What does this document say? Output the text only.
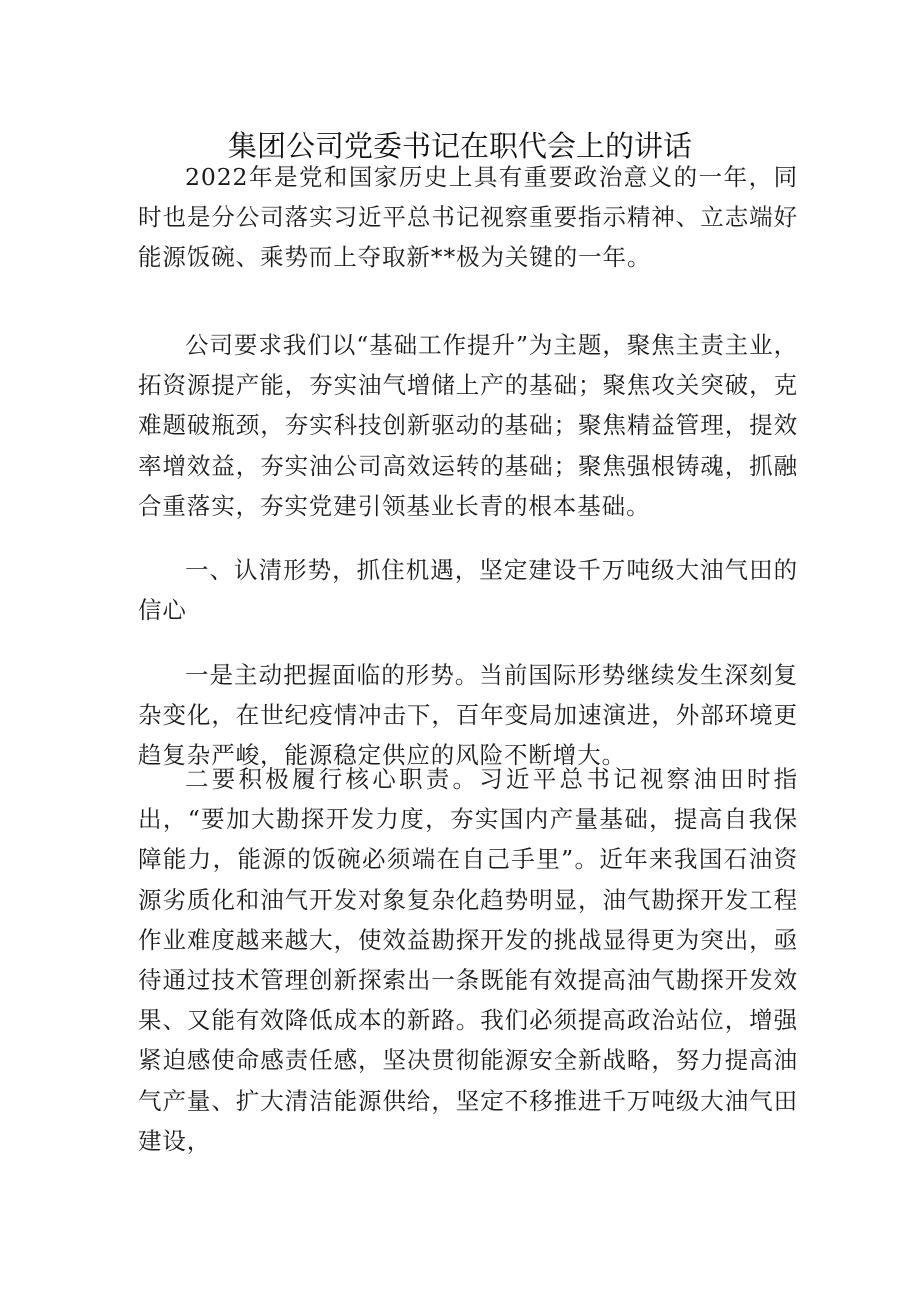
集团公司党委书记在职代会上的讲话

2022年是党和国家历史上具有重要政治意义的一年，同时也是分公司落实习近平总书记视察重要指示精神、立志端好能源饭碗、乘势而上夺取新**极为关键的一年。

公司要求我们以“基础工作提升”为主题，聚焦主责主业，拓资源提产能，夯实油气增储上产的基础；聚焦攻关突破，克难题破瓶颈，夯实科技创新驱动的基础；聚焦精益管理，提效率增效益，夯实油公司高效运转的基础；聚焦强根铸魂，抓融合重落实，夯实党建引领基业长青的根本基础。

一、认清形势，抓住机遇，坚定建设千万吨级大油气田的信心

一是主动把握面临的形势。当前国际形势继续发生深刻复杂变化，在世纪疫情冲击下，百年变局加速演进，外部环境更趋复杂严峻，能源稳定供应的风险不断增大。

二要积极履行核心职责。习近平总书记视察油田时指出，“要加大勘探开发力度，夯实国内产量基础，提高自我保障能力，能源的饭碗必须端在自己手里”。近年来我国石油资源劣质化和油气开发对象复杂化趋势明显，油气勘探开发工程作业难度越来越大，使效益勘探开发的挑战显得更为突出，亟待通过技术管理创新探索出一条既能有效提高油气勘探开发效果、又能有效降低成本的新路。我们必须提高政治站位，增强紧迫感使命感责任感，坚决贯彻能源安全新战略，努力提高油气产量、扩大清洁能源供给，坚定不移推进千万吨级大油气田建设，
